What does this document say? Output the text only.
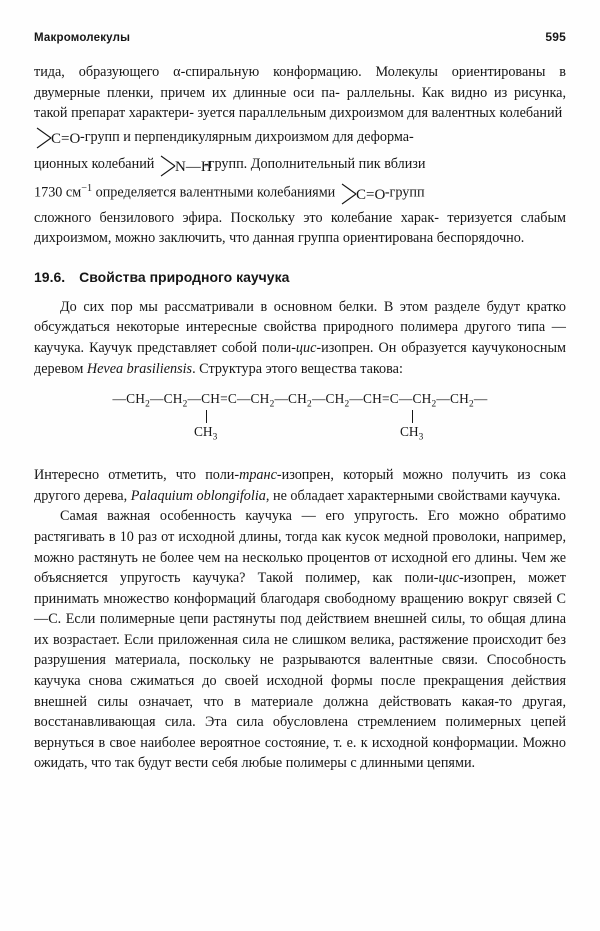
Макромолекулы	595

тида, образующего α-спиральную конформацию. Молекулы ориентированы в двумерные пленки, причем их длинные оси па- раллельны. Как видно из рисунка, такой препарат характери- зуется параллельным дихроизмом для валентных колебаний

C=O -групп и перпендикулярным дихроизмом для деформа-

ционных колебаний N—H
-групп. Дополнительный пик вблизи

1730 $см^{-1}$ определяется валентными колебаниями C=O -групп

сложного бензилового эфира. Поскольку это колебание харак- теризуется слабым дихроизмом, можно заключить, что данная группа ориентирована беспорядочно.

19.6. Свойства природного каучука

До сих пор мы рассматривали в основном белки. В этом разделе будут кратко обсуждаться некоторые интересные свойства природного полимера другого типа — каучука. Каучук представляет собой поли-цис-изопрен. Он образуется каучуконосным деревом Hevea brasiliensis. Структура этого вещества такова:

$—CH_2—CH_2—CH=C—CH_2—CH_2—CH_2—CH=C—CH_2—CH_2—$
$CH_3$	$CH_3$

Интересно отметить, что поли-транс-изопрен, который можно получить из сока другого дерева, Palaquium oblongifolia, не обладает характерными свойствами каучука.

Самая важная особенность каучука — его упругость. Его можно обратимо растягивать в 10 раз от исходной длины, тогда как кусок медной проволоки, например, можно растянуть не более чем на несколько процентов от исходной его длины. Чем же объясняется упругость каучука? Такой полимер, как поли-цис-изопрен, может принимать множество конформаций благодаря свободному вращению вокруг связей С—С. Если полимерные цепи растянуты под действием внешней силы, то общая длина их возрастает. Если приложенная сила не слишком велика, растяжение происходит без разрушения материала, поскольку не разрываются валентные связи. Способность каучука снова сжиматься до своей исходной формы после прекращения действия внешней силы означает, что в материале должна действовать какая-то другая, восстанавливающая сила. Эта сила обусловлена стремлением полимерных цепей вернуться в свое наиболее вероятное состояние, т. е. к исходной конформации. Можно ожидать, что так будут вести себя любые полимеры с длинными цепями.
